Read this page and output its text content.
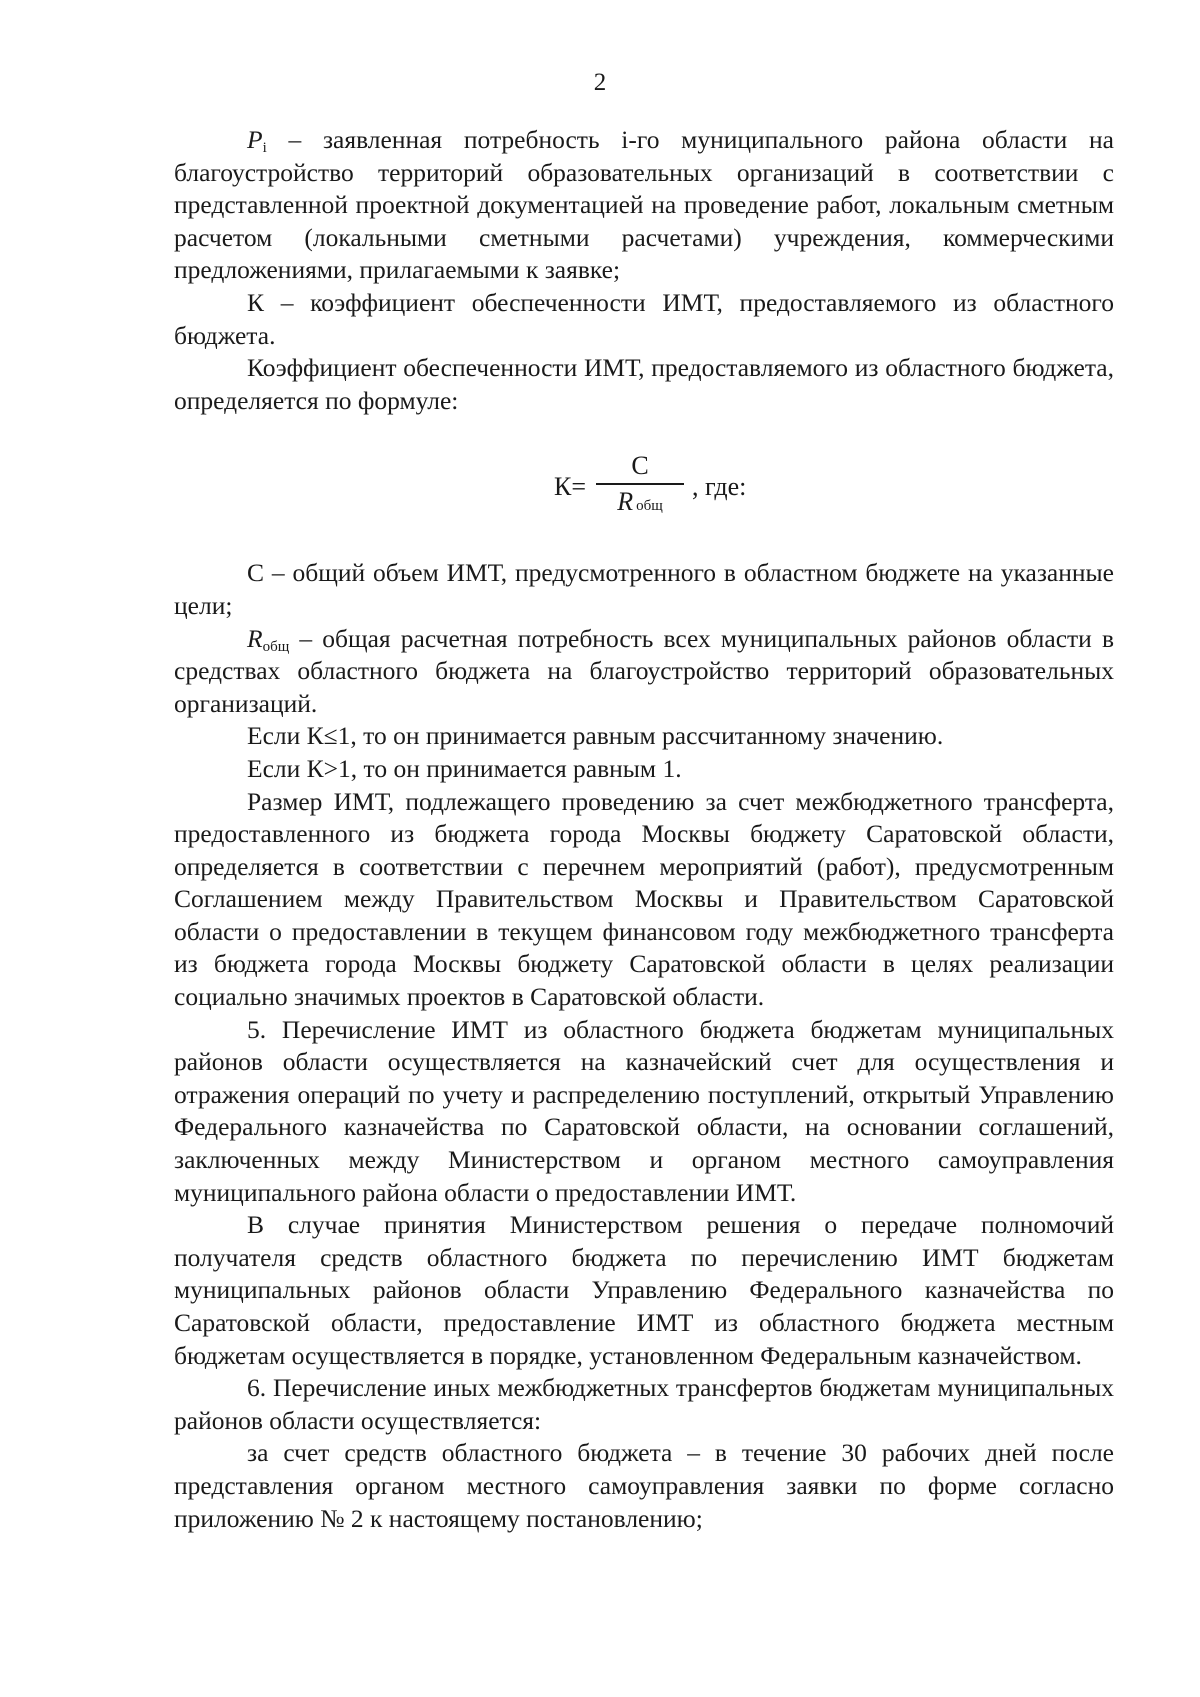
2

$P_i$ – заявленная потребность i-го муниципального района области на благоустройство территорий образовательных организаций в соответствии с представленной проектной документацией на проведение работ, локальным сметным расчетом (локальными сметными расчетами) учреждения, коммерческими предложениями, прилагаемыми к заявке;

К – коэффициент обеспеченности ИМТ, предоставляемого из областного бюджета.

Коэффициент обеспеченности ИМТ, предоставляемого из областного бюджета, определяется по формуле:

$К= \frac{C}{\text{R общ}}$ , где:

С – общий объем ИМТ, предусмотренного в областном бюджете на указанные цели;

$R_{общ}$ – общая расчетная потребность всех муниципальных районов области в средствах областного бюджета на благоустройство территорий образовательных организаций.

Если К≤1, то он принимается равным рассчитанному значению.

Если К>1, то он принимается равным 1.

Размер ИМТ, подлежащего проведению за счет межбюджетного трансферта, предоставленного из бюджета города Москвы бюджету Саратовской области, определяется в соответствии с перечнем мероприятий (работ), предусмотренным Соглашением между Правительством Москвы и Правительством Саратовской области о предоставлении в текущем финансовом году межбюджетного трансферта из бюджета города Москвы бюджету Саратовской области в целях реализации социально значимых проектов в Саратовской области.

5. Перечисление ИМТ из областного бюджета бюджетам муниципальных районов области осуществляется на казначейский счет для осуществления и отражения операций по учету и распределению поступлений, открытый Управлению Федерального казначейства по Саратовской области, на основании соглашений, заключенных между Министерством и органом местного самоуправления муниципального района области о предоставлении ИМТ.

В случае принятия Министерством решения о передаче полномочий получателя средств областного бюджета по перечислению ИМТ бюджетам муниципальных районов области Управлению Федерального казначейства по Саратовской области, предоставление ИМТ из областного бюджета местным бюджетам осуществляется в порядке, установленном Федеральным казначейством.

6. Перечисление иных межбюджетных трансфертов бюджетам муниципальных районов области осуществляется:

за счет средств областного бюджета – в течение 30 рабочих дней после представления органом местного самоуправления заявки по форме согласно приложению № 2 к настоящему постановлению;
